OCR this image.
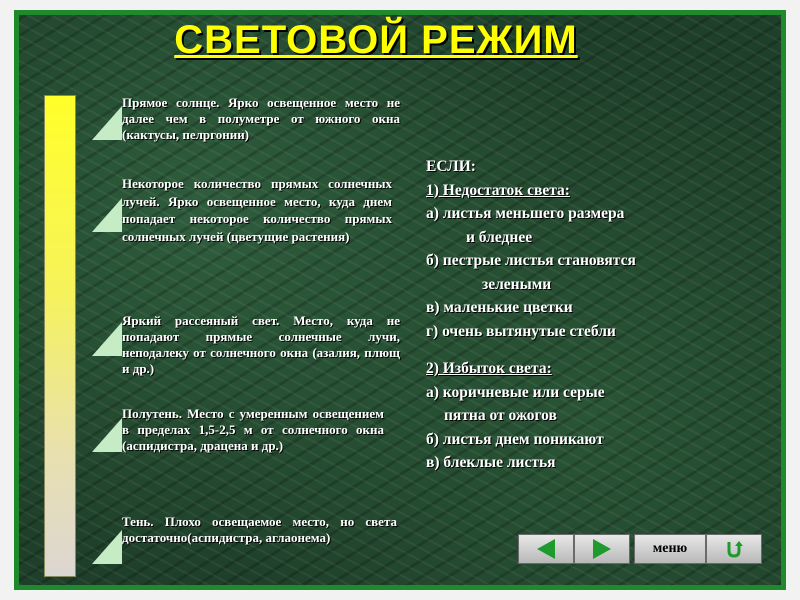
СВЕТОВОЙ РЕЖИМ
Прямое солнце. Ярко освещенное место не далее чем в полуметре от южного окна (кактусы, пелргонии)
Некоторое количество прямых солнечных лучей. Ярко освещенное место, куда днем попадает некоторое количество прямых солнечных лучей (цветущие растения)
Яркий рассеяный свет. Место, куда не попадают прямые солнечные лучи, неподалеку от солнечного окна (азалия, плющ и др.)
Полутень. Место с умеренным освещением в пределах 1,5-2,5 м от солнечного окна (аспидистра, драцена и др.)
Тень. Плохо освещаемое место, но света достаточно(аспидистра, аглаонема)
ЕСЛИ:
1) Недостаток света:
а) листья меньшего размера
и бледнее
б) пестрые листья становятся
зелеными
в) маленькие цветки
г) очень вытянутые стебли
2) Избыток света:
а) коричневые или серые
пятна от ожогов
б) листья днем поникают
в) блеклые листья
меню
